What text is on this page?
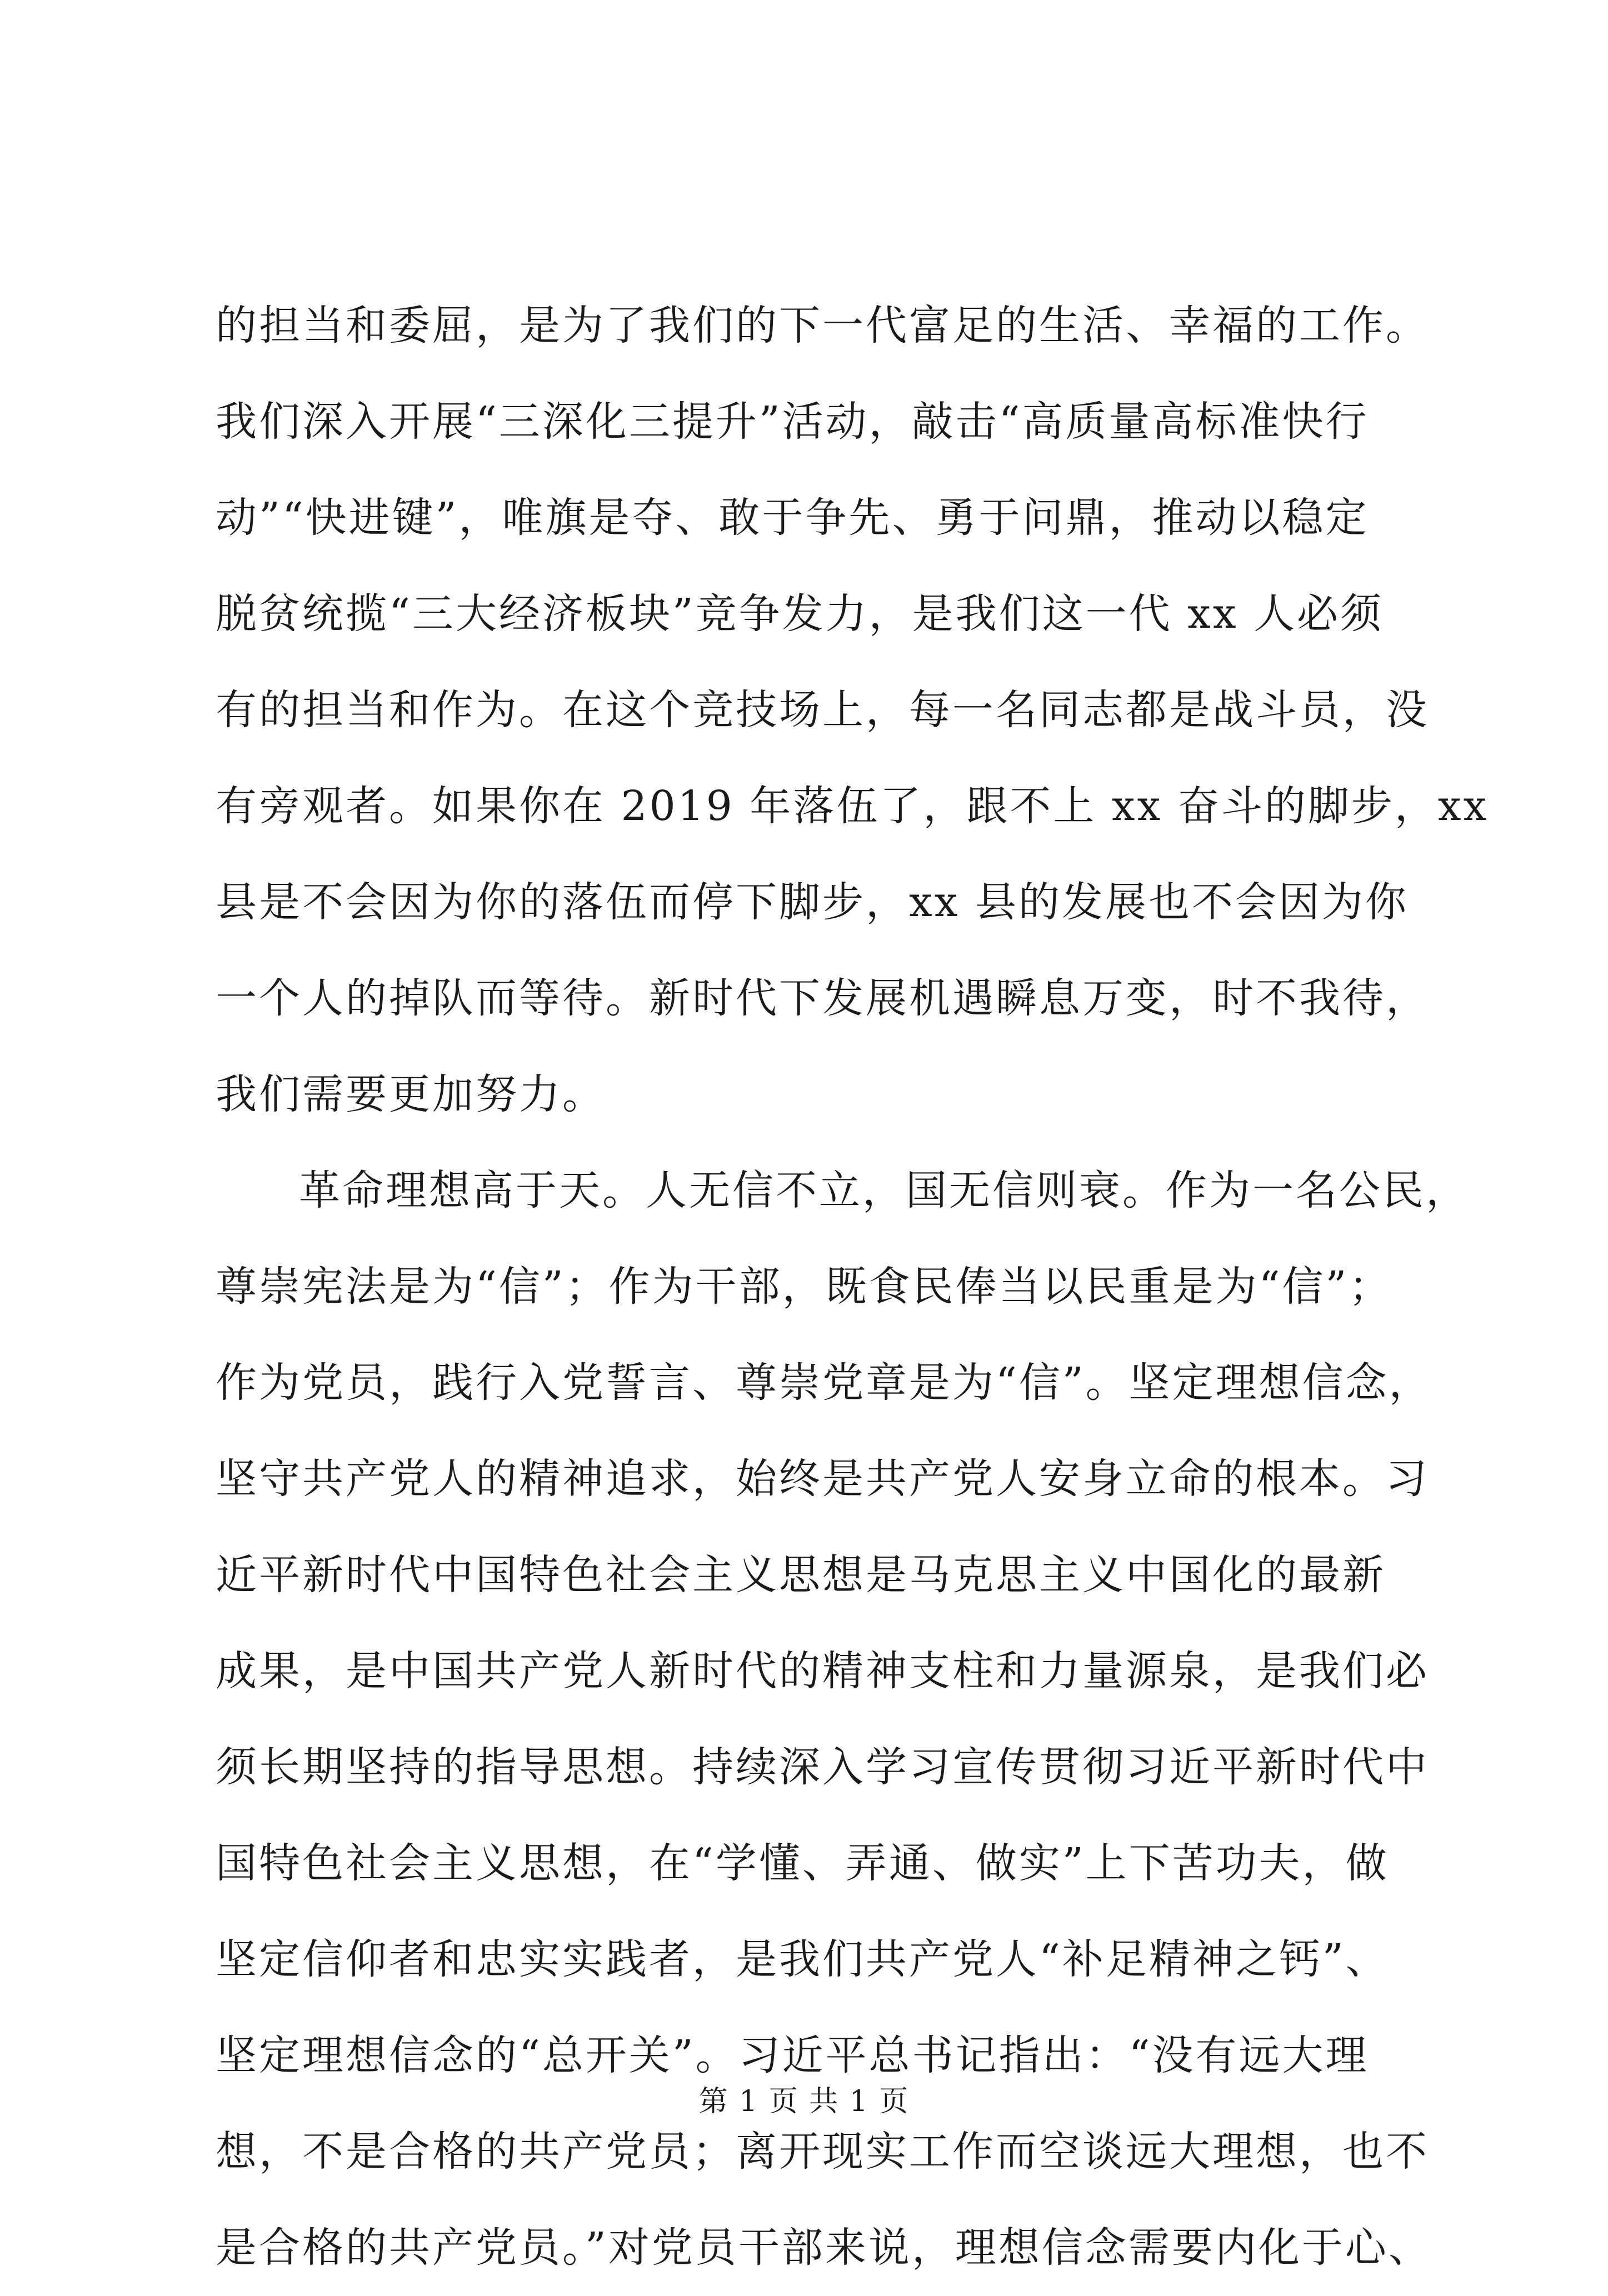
的担当和委屈，是为了我们的下一代富足的生活、幸福的工作。
我们深入开展“三深化三提升”活动，敲击“高质量高标准快行
动”“快进键”，唯旗是夺、敢于争先、勇于问鼎，推动以稳定
脱贫统揽“三大经济板块”竞争发力，是我们这一代 xx 人必须
有的担当和作为。在这个竞技场上，每一名同志都是战斗员，没
有旁观者。如果你在 2019 年落伍了，跟不上 xx 奋斗的脚步，xx
县是不会因为你的落伍而停下脚步，xx 县的发展也不会因为你
一个人的掉队而等待。新时代下发展机遇瞬息万变，时不我待，
我们需要更加努力。
革命理想高于天。人无信不立，国无信则衰。作为一名公民，
尊崇宪法是为“信”；作为干部，既食民俸当以民重是为“信”；
作为党员，践行入党誓言、尊崇党章是为“信”。坚定理想信念，
坚守共产党人的精神追求，始终是共产党人安身立命的根本。习
近平新时代中国特色社会主义思想是马克思主义中国化的最新
成果，是中国共产党人新时代的精神支柱和力量源泉，是我们必
须长期坚持的指导思想。持续深入学习宣传贯彻习近平新时代中
国特色社会主义思想，在“学懂、弄通、做实”上下苦功夫，做
坚定信仰者和忠实实践者，是我们共产党人“补足精神之钙”、
坚定理想信念的“总开关”。习近平总书记指出：“没有远大理
想，不是合格的共产党员；离开现实工作而空谈远大理想，也不
是合格的共产党员。”对党员干部来说，理想信念需要内化于心、
第 1 页 共 1 页
